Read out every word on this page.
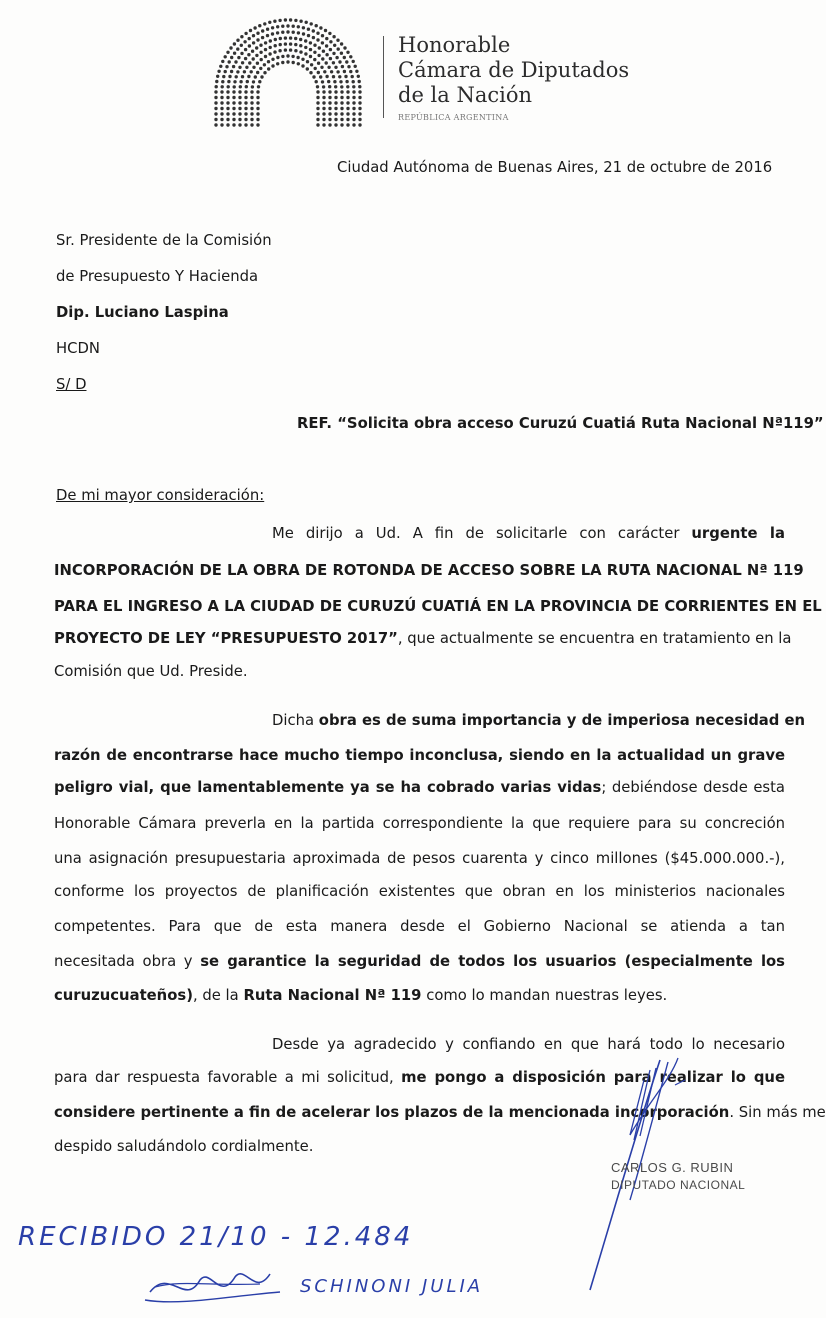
Honorable
Cámara de Diputados
de la Nación
REPÚBLICA ARGENTINA
Ciudad Autónoma de Buenas Aires, 21 de octubre de 2016
Sr. Presidente de la Comisión
de Presupuesto Y Hacienda
Dip. Luciano Laspina
HCDN
S/ D
REF. “Solicita obra acceso Curuzú Cuatiá Ruta Nacional Nª119”
De mi mayor consideración:
Me dirijo a Ud. A fin de solicitarle con carácter urgente la
INCORPORACIÓN DE LA OBRA DE ROTONDA DE ACCESO SOBRE LA RUTA NACIONAL Nª 119
PARA EL INGRESO A LA CIUDAD DE CURUZÚ CUATIÁ EN LA PROVINCIA DE CORRIENTES EN EL
PROYECTO DE LEY “PRESUPUESTO 2017”, que actualmente se encuentra en tratamiento en la
Comisión que Ud. Preside.
Dicha obra es de suma importancia y de imperiosa necesidad en
razón de encontrarse hace mucho tiempo inconclusa, siendo en la actualidad un grave
peligro vial, que lamentablemente ya se ha cobrado varias vidas; debiéndose desde esta
Honorable Cámara preverla en la partida correspondiente la que requiere para su concreción
una asignación presupuestaria aproximada de pesos cuarenta y cinco millones ($45.000.000.-),
conforme los proyectos de planificación existentes que obran en los ministerios nacionales
competentes. Para que de esta manera desde el Gobierno Nacional se atienda a tan
necesitada obra y se garantice la seguridad de todos los usuarios (especialmente los
curuzucuateños), de la Ruta Nacional Nª 119 como lo mandan nuestras leyes.
Desde ya agradecido y confiando en que hará todo lo necesario
para dar respuesta favorable a mi solicitud, me pongo a disposición para realizar lo que
considere pertinente a fin de acelerar los plazos de la mencionada incorporación. Sin más me
despido saludándolo cordialmente.
CARLOS G. RUBIN
DIPUTADO NACIONAL
RECIBIDO 21/10 - 12.484
SCHINONI JULIA
